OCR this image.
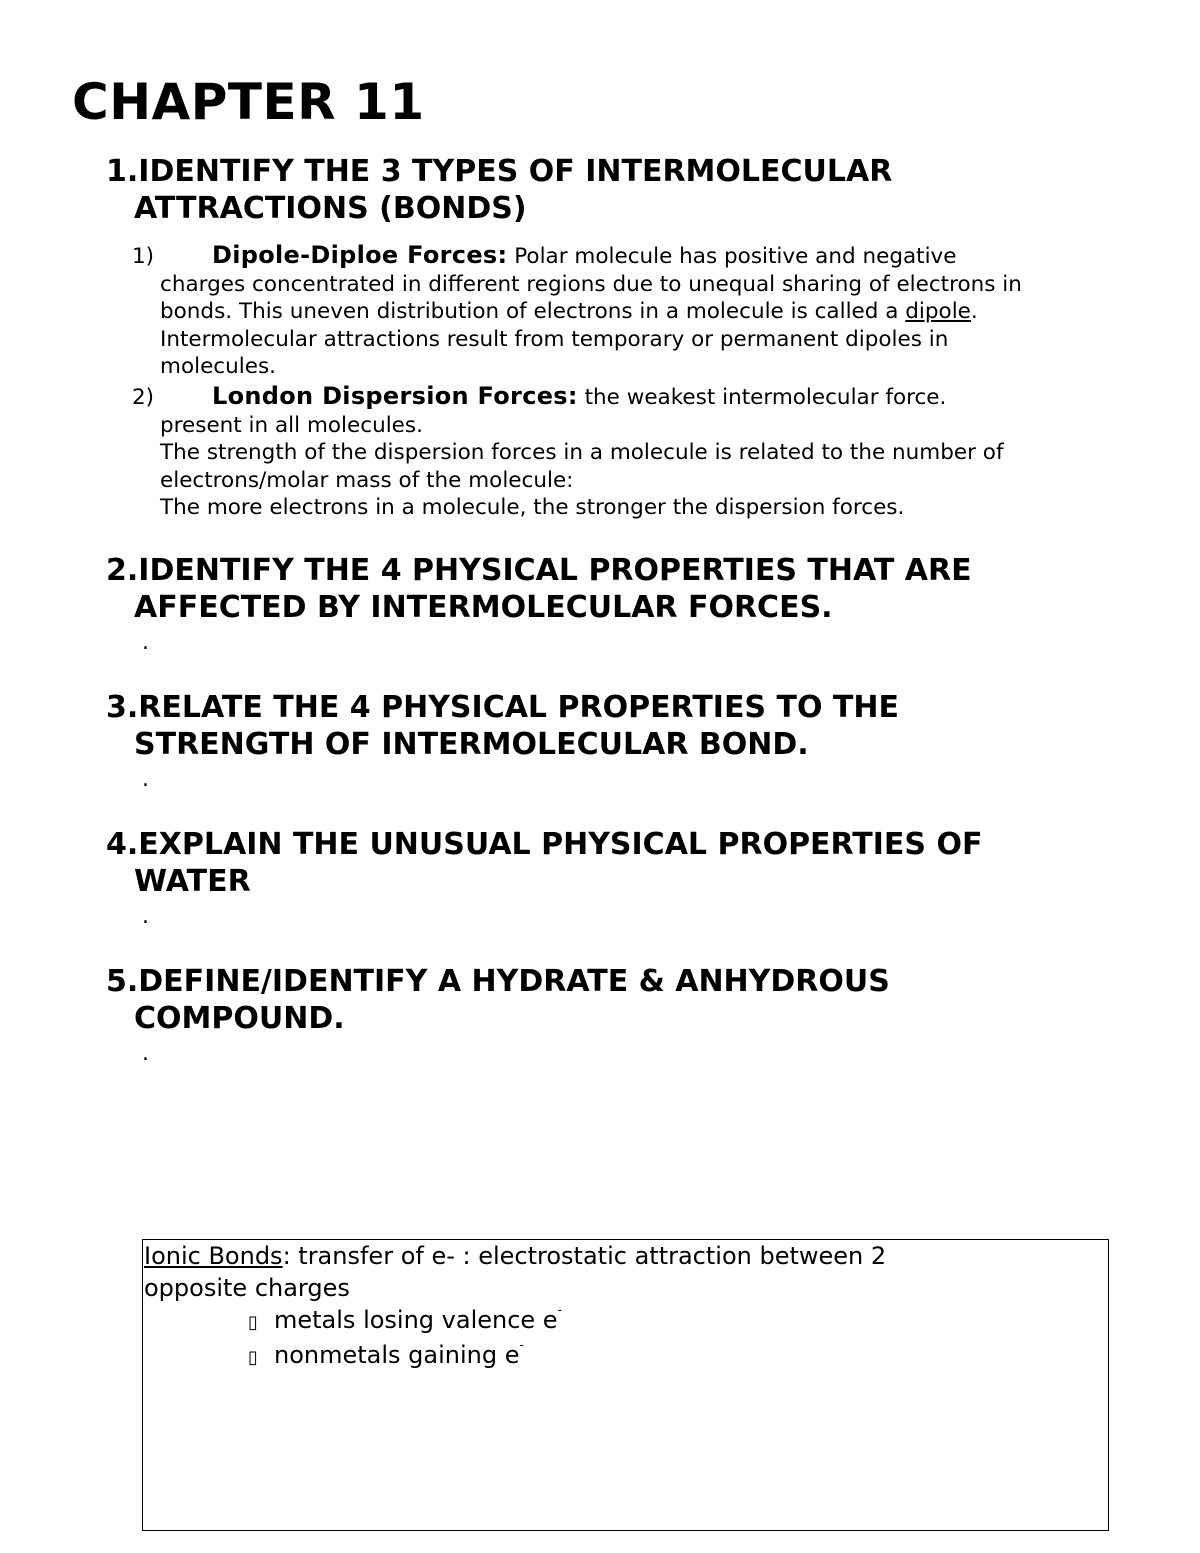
CHAPTER 11
1.IDENTIFY THE 3 TYPES OF INTERMOLECULAR
ATTRACTIONS (BONDS)
1) Dipole-Diploe Forces: Polar molecule has positive and negative
charges concentrated in different regions due to unequal sharing of electrons in
bonds. This uneven distribution of electrons in a molecule is called a dipole.
Intermolecular attractions result from temporary or permanent dipoles in
molecules.
2) London Dispersion Forces: the weakest intermolecular force.
present in all molecules.
The strength of the dispersion forces in a molecule is related to the number of
electrons/molar mass of the molecule:
The more electrons in a molecule, the stronger the dispersion forces.
2.IDENTIFY THE 4 PHYSICAL PROPERTIES THAT ARE
AFFECTED BY INTERMOLECULAR FORCES.
.
3.RELATE THE 4 PHYSICAL PROPERTIES TO THE
STRENGTH OF INTERMOLECULAR BOND.
.
4.EXPLAIN THE UNUSUAL PHYSICAL PROPERTIES OF
WATER
.
5.DEFINE/IDENTIFY A HYDRATE & ANHYDROUS
COMPOUND.
.
Ionic Bonds: transfer of e- : electrostatic attraction between 2
opposite charges
▯ metals losing valence e-
▯ nonmetals gaining e-
